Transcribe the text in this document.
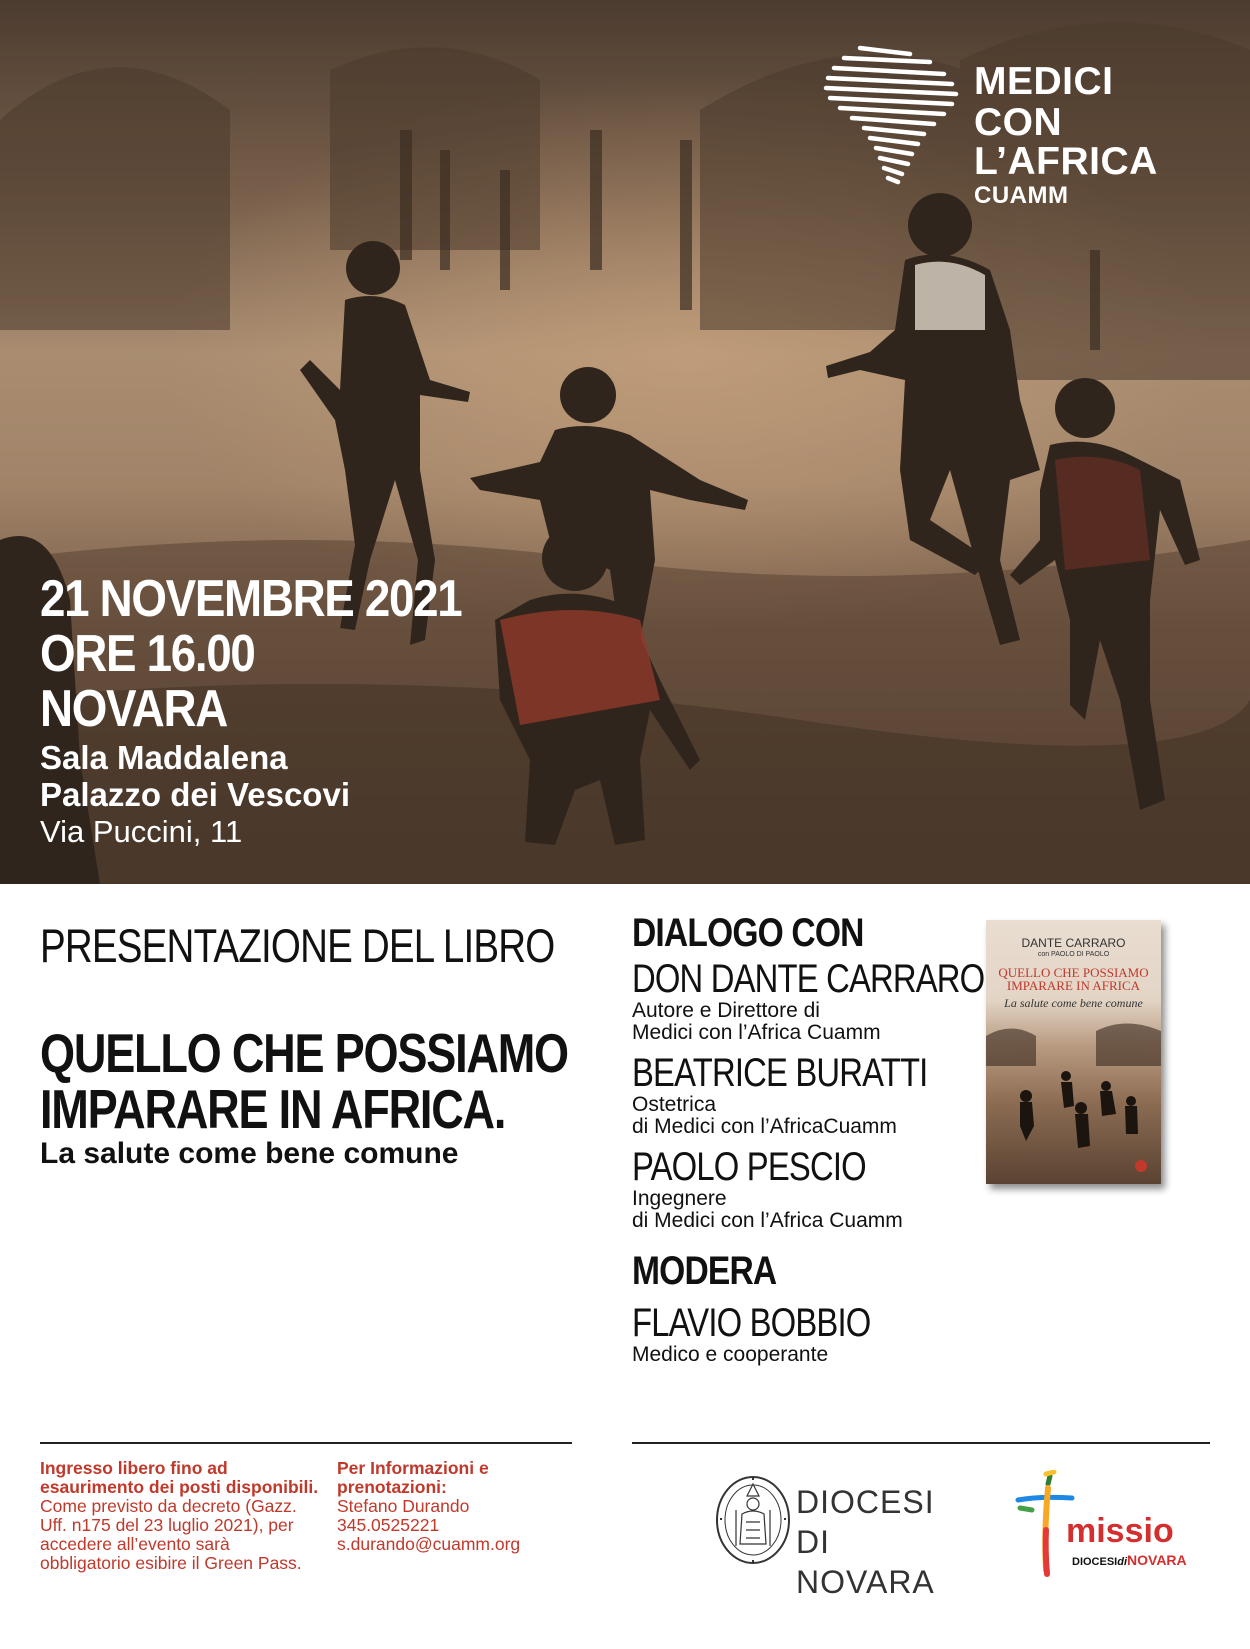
MEDICI
CON L’AFRICA
CUAMM
21 NOVEMBRE 2021
ORE 16.00
NOVARA
Sala Maddalena
Palazzo dei Vescovi
Via Puccini, 11
PRESENTAZIONE DEL LIBRO
QUELLO CHE POSSIAMO
IMPARARE IN AFRICA.
La salute come bene comune
DIALOGO CON
DON DANTE CARRARO
Autore e Direttore di
Medici con l’Africa Cuamm
BEATRICE BURATTI
Ostetrica
di Medici con l’AfricaCuamm
PAOLO PESCIO
Ingegnere
di Medici con l’Africa Cuamm
MODERA
FLAVIO BOBBIO
Medico e cooperante
DANTE CARRARO
con PAOLO DI PAOLO
QUELLO CHE POSSIAMO
IMPARARE IN AFRICA
La salute come bene comune
Ingresso libero fino ad esaurimento dei posti disponibili. Come previsto da decreto (Gazz. Uff. n175 del 23 luglio 2021), per accedere all’evento sarà obbligatorio esibire il Green Pass.
Per Informazioni e prenotazioni:
Stefano Durando
345.0525221
s.durando@cuamm.org
DIOCESI
DI NOVARA
missio
DIOCESIdiNOVARA
